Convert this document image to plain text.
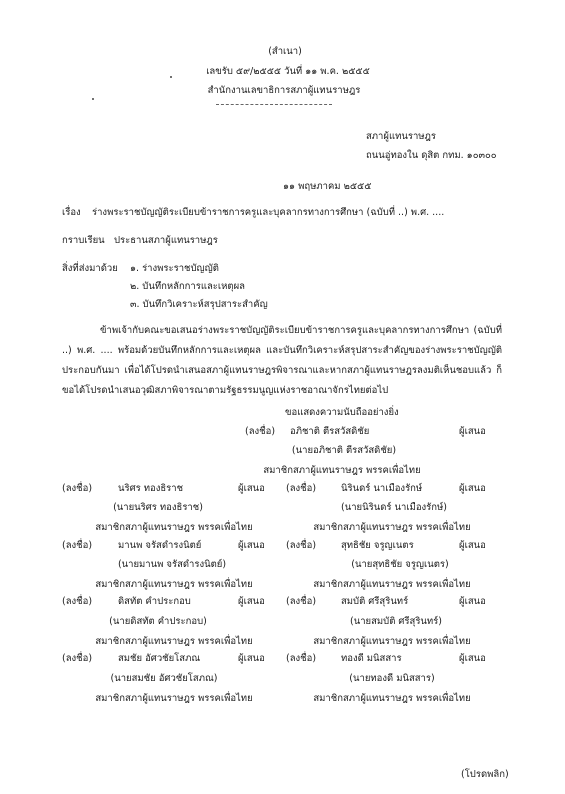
(สำเนา)
เลขรับ ๕๙/๒๕๕๕ วันที่ ๑๑ พ.ค. ๒๕๕๕
สำนักงานเลขาธิการสภาผู้แทนราษฎร
สภาผู้แทนราษฎร
ถนนอู่ทองใน ดุสิต กทม. ๑๐๓๐๐
๑๑ พฤษภาคม ๒๕๕๕
เรื่อง ร่างพระราชบัญญัติระเบียบข้าราชการครูและบุคลากรทางการศึกษา (ฉบับที่ ..) พ.ศ. ....
กราบเรียน ประธานสภาผู้แทนราษฎร
สิ่งที่ส่งมาด้วย ๑. ร่างพระราชบัญญัติ
๒. บันทึกหลักการและเหตุผล
๓. บันทึกวิเคราะห์สรุปสาระสำคัญ
ข้าพเจ้ากับคณะขอเสนอร่างพระราชบัญญัติระเบียบข้าราชการครูและบุคลากรทางการศึกษา (ฉบับที่ ..) พ.ศ. .... พร้อมด้วยบันทึกหลักการและเหตุผล และบันทึกวิเคราะห์สรุปสาระสำคัญของร่างพระราชบัญญัติประกอบกันมา เพื่อได้โปรดนำเสนอสภาผู้แทนราษฎรพิจารณาและหากสภาผู้แทนราษฎรลงมติเห็นชอบแล้ว ก็ขอได้โปรดนำเสนอวุฒิสภาพิจารณาตามรัฐธรรมนูญแห่งราชอาณาจักรไทยต่อไป
ขอแสดงความนับถืออย่างยิ่ง
(ลงชื่อ) อภิชาติ ตีรสวัสดิชัย	ผู้เสนอ
(นายอภิชาติ ตีรสวัสดิชัย)
สมาชิกสภาผู้แทนราษฎร พรรคเพื่อไทย
(ลงชื่อ)	นริศร ทองธิราช	ผู้เสนอ (ลงชื่อ)	นิรินดร์ นาเมืองรักษ์	ผู้เสนอ
(นายนริศร ทองธิราช)	(นายนิรินดร์ นาเมืองรักษ์)
สมาชิกสภาผู้แทนราษฎร พรรคเพื่อไทย	สมาชิกสภาผู้แทนราษฎร พรรคเพื่อไทย
(ลงชื่อ)	มานพ จรัสดำรงนิตย์	ผู้เสนอ (ลงชื่อ)	สุทธิชัย จรูญเนตร	ผู้เสนอ
(นายมานพ จรัสดำรงนิตย์)	(นายสุทธิชัย จรูญเนตร)
สมาชิกสภาผู้แทนราษฎร พรรคเพื่อไทย	สมาชิกสภาผู้แทนราษฎร พรรคเพื่อไทย
(ลงชื่อ)	ดิสทัต คำประกอบ	ผู้เสนอ (ลงชื่อ)	สมบัติ ศรีสุรินทร์	ผู้เสนอ
(นายดิสทัต คำประกอบ)	(นายสมบัติ ศรีสุรินทร์)
สมาชิกสภาผู้แทนราษฎร พรรคเพื่อไทย	สมาชิกสภาผู้แทนราษฎร พรรคเพื่อไทย
(ลงชื่อ)	สมชัย อัศวชัยโสภณ	ผู้เสนอ (ลงชื่อ)	ทองดี มนิสสาร	ผู้เสนอ
(นายสมชัย อัศวชัยโสภณ)	(นายทองดี มนิสสาร)
สมาชิกสภาผู้แทนราษฎร พรรคเพื่อไทย	สมาชิกสภาผู้แทนราษฎร พรรคเพื่อไทย
(โปรดพลิก)
